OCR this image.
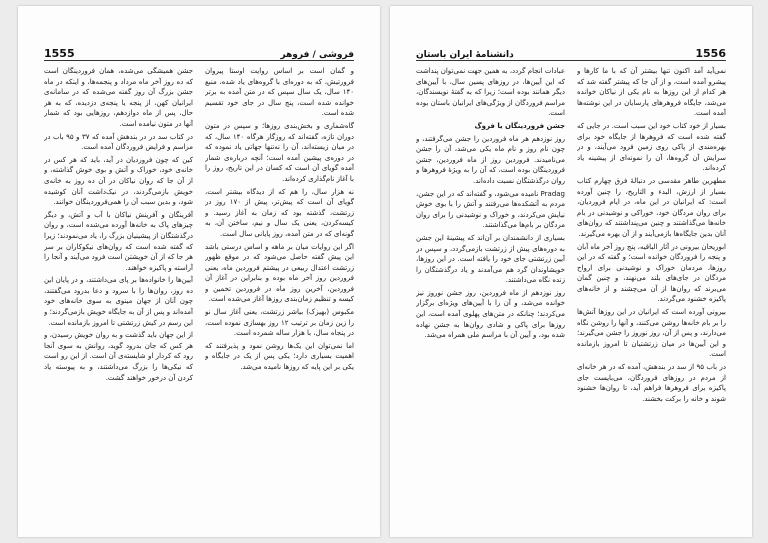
1555	فروشی / فروهر

و گمان است بر اساس روایت اوستا پیروان فرورتیش، که به دوره‌ای با گروه‌های یاد شده، منبع ۱۴۰ سال، یک سال سپس که در متن آمده به برتر خوانده شده است، پنج سال در جای خود تقسیم شده است.

گاه‌شماری و بخش‌بندی روزها؛ و سپس در متون دوران تازه، گفته‌اند که روزگار هرگاه ۱۴۰ سال، که در میان زیسته‌اند، آن را نه‌تنها جهاتی یاد نموده که در دوره‌ی پیشین آمده است؛ آنچه درباره‌ی شمار آمده گویای آن است که کسان در این تاریخ، روز را با آغاز نام‌گذاری کرده‌اند.

نه هزار سال، را هم که از دیدگاه بیشتر است، گویای آن است که پیش‌تر، پیش از ۱۷۰ روز در زرتشت، گذشته بود که زمان به آغاز رسید. و کیسه‌کردن، یعنی یک سال و نیم، ساختن آن، به گونه‌ای که در متن آمده، روز پایانی سال است.

اگر این روایات میان بر ماهه و اساس درستی باشد این پیش گفته حاصل می‌شود که در موقع ظهور زرتشت اعتدال ربیعی در پیشتم فروردین ماه، یعنی فروردین روز آخر ماه بوده و بنابراین در آغاز آن فروردین، آخرین روز ماه در فروردین تخمین و کیسه و تنظیم زمان‌بندی روزها آغاز می‌شده است.

مکبوس (بهیزک) بیاشر زرتشت، یعنی آغاز سال نو را زین زمان بر ترتیب ۱۲ روز بهسازی نموده است، در پنجاه سال، با هزار ساله شمرده است.

اما نمی‌توان این یک‌ها روشن نمود و پذیرفتند که اهمیت بسیاری دارد؛ یکی پس از یک در جایگاه و یکی بر این پایه که روزها نامیده می‌شد.

جشن همیشگی می‌شده، همان فروردینگان است که ده روز آخر ماه مرداد و پنجمه‌ها، و اینکه در ماه جشن بزرگ آن روز گفته می‌شده که در سامانه‌ی ایرانیان کهن، از پنجه یا پنجه‌ی دزدیده، که به هر حال، پس از ماه دوازدهم، روزهایی بود که شمار آنها در متون نیامده است.

در کتاب سد در در بندهش آمده که ۳۷ و ۹۵ باب در مراسم و فرایض فروردگان آمده است.

کین که چون فروردیان در آید، باید که هر کس در خانه‌ی خود، خوراک و آتش و بوی خوش گذاشته، و از آن جا که روان نیاکان در آن ده روز به خانه‌ی خویش بازمی‌گردند، در نیک‌داشت آنان کوشیده شود، و بدین سبب آن را همی‌فروردینگان خوانند.

آفرینگان و آفرینش نیاکان با آب و آتش، و دیگر چیزهای پاک به خانه‌ها آورده می‌شده است، و روان درگذشتگان از پیشینیان بزرگ را، یاد می‌نمودند؛ زیرا که گفته شده است که روان‌های نیکوکاران بر سر هر جا که از آن خویشتن است فرود می‌آیند و آنجا را آراسته و پاکیزه خواهند.

آیین‌ها را خانواده‌ها بر پای می‌داشتند، و در پایان این ده روز، روان‌ها را با سرود و دعا بدرود می‌گفتند، چون آنان از جهان مینوی به سوی خانه‌های خود آمده‌اند و پس از آن به جایگاه خویش بازمی‌گردند؛ و این رسم در کیش زرتشتی تا امروز بازمانده است.

از این جهان باید گذشت و به روان خویش رسیدن، و هر کس که جان بدرود گوید، روانش به سوی آنجا رود که کردار او شایسته‌ی آن است. از این رو است که نیکی‌ها را بزرگ می‌داشتند، و به پیوسته یاد کردن آن درخور خواهند گشت.

1556
دانشنامهٔ ایران باستان

نمی‌آید آمد اکنون تنها بیشتر آن که با ما کارها و پیشرو آمده است، و از آن جا که پیشتر گفته شد که هر کدام از این روزها به نام یکی از نیاکان خوانده می‌شد، جایگاه فروهرهای پارسایان در این نوشته‌ها آمده است.

بسیار از خود کتاب خود این سبب است. در جایی که گفته شده است که فروهرها از جایگاه خود برای بهره‌مندی از پاکی روی زمین فرود می‌آیند، و در سرایش آن گروه‌ها، آن را نمونه‌ای از پیشینه یاد کرده‌اند.

مطهرین طاهر مقدسی در دنبالهٔ فرق چهارم کتاب بسیار از ارزش، البدء و التاریخ، را چنین آورده است: که ایرانیان در این ماه، در ایام فروردیان، برای روان مردگان خود، خوراکی و نوشیدنی در بام خانه‌ها می‌گذاشتند و چنین می‌پنداشتند که روان‌های آنان بدین جایگاه‌ها بازمی‌آیند و از آن بهره می‌گیرند.

ابوریحان بیرونی در آثار الباقیه، پنج روز آخر ماه آبان و پنجه را فروردگان خوانده است؛ و گفته که در این روزها، مردمان خوراک و نوشیدنی برای ارواح مردگان در جای‌های بلند می‌نهند، و چنین گمان می‌برند که روان‌ها از آن می‌چشند و از خانه‌های پاکیزه خشنود می‌گردند.

بیرونی آورده است که ایرانیان در این روزها آتش‌ها را بر بام خانه‌ها روشن می‌کنند، و آنها را روشن نگاه می‌دارند، و پس از آن، روز نوروز را جشن می‌گیرند؛ و این آیین‌ها در میان زرتشتیان تا امروز بازمانده است.

در باب ۹۵ از سد در بندهش، آمده که در هر خانه‌ای از مردم در روزهای فروردگان، می‌بایست جای پاکیزه برای فروهرها فراهم آید، تا روان‌ها خشنود شوند و خانه را برکت بخشند.

عبادات انجام گردد، به همین جهت نمی‌توان پنداشت که این آیین‌ها، در روزهای پسین سال، با آیین‌های دیگر همانند بوده است؛ زیرا که به گفتهٔ نویسندگان، مراسم فروردگان از ویژگی‌های ایرانیان باستان بوده است.

جشن فروردینگان یا فروگ

روز نوزدهم هر ماه فروردین را جشن می‌گرفتند، و چون نام روز و نام ماه یکی می‌شد، آن را جشن می‌نامیدند. فروردین روز از ماه فروردین، جشن فروردینگان بوده است، که آن را به ویژهٔ فروهرها و روان درگذشتگان نسبت داده‌اند.

Pradag نامیده می‌شود، و گفته‌اند که در این جشن، مردم به آتشکده‌ها می‌رفتند و آتش را با بوی خوش نیایش می‌کردند، و خوراک و نوشیدنی را برای روان مردگان بر بام‌ها می‌گذاشتند.

بسیاری از دانشمندان بر آن‌اند که پیشینهٔ این جشن به دوره‌های پیش از زرتشت بازمی‌گردد، و سپس در آیین زرتشتی جای خود را یافته است. در این روزها، خویشاوندان گرد هم می‌آمدند و یاد درگذشتگان را زنده نگاه می‌داشتند.

روز نوزدهم از ماه فروردین، روز جشن نوروز نیز خوانده می‌شد، و آن را با آیین‌های ویژه‌ای برگزار می‌کردند؛ چنانکه در متن‌های پهلوی آمده است، این روزها برای پاکی و شادی روان‌ها به جشن نهاده شده بود، و آیین آن با مراسم ملی همراه می‌شد.
